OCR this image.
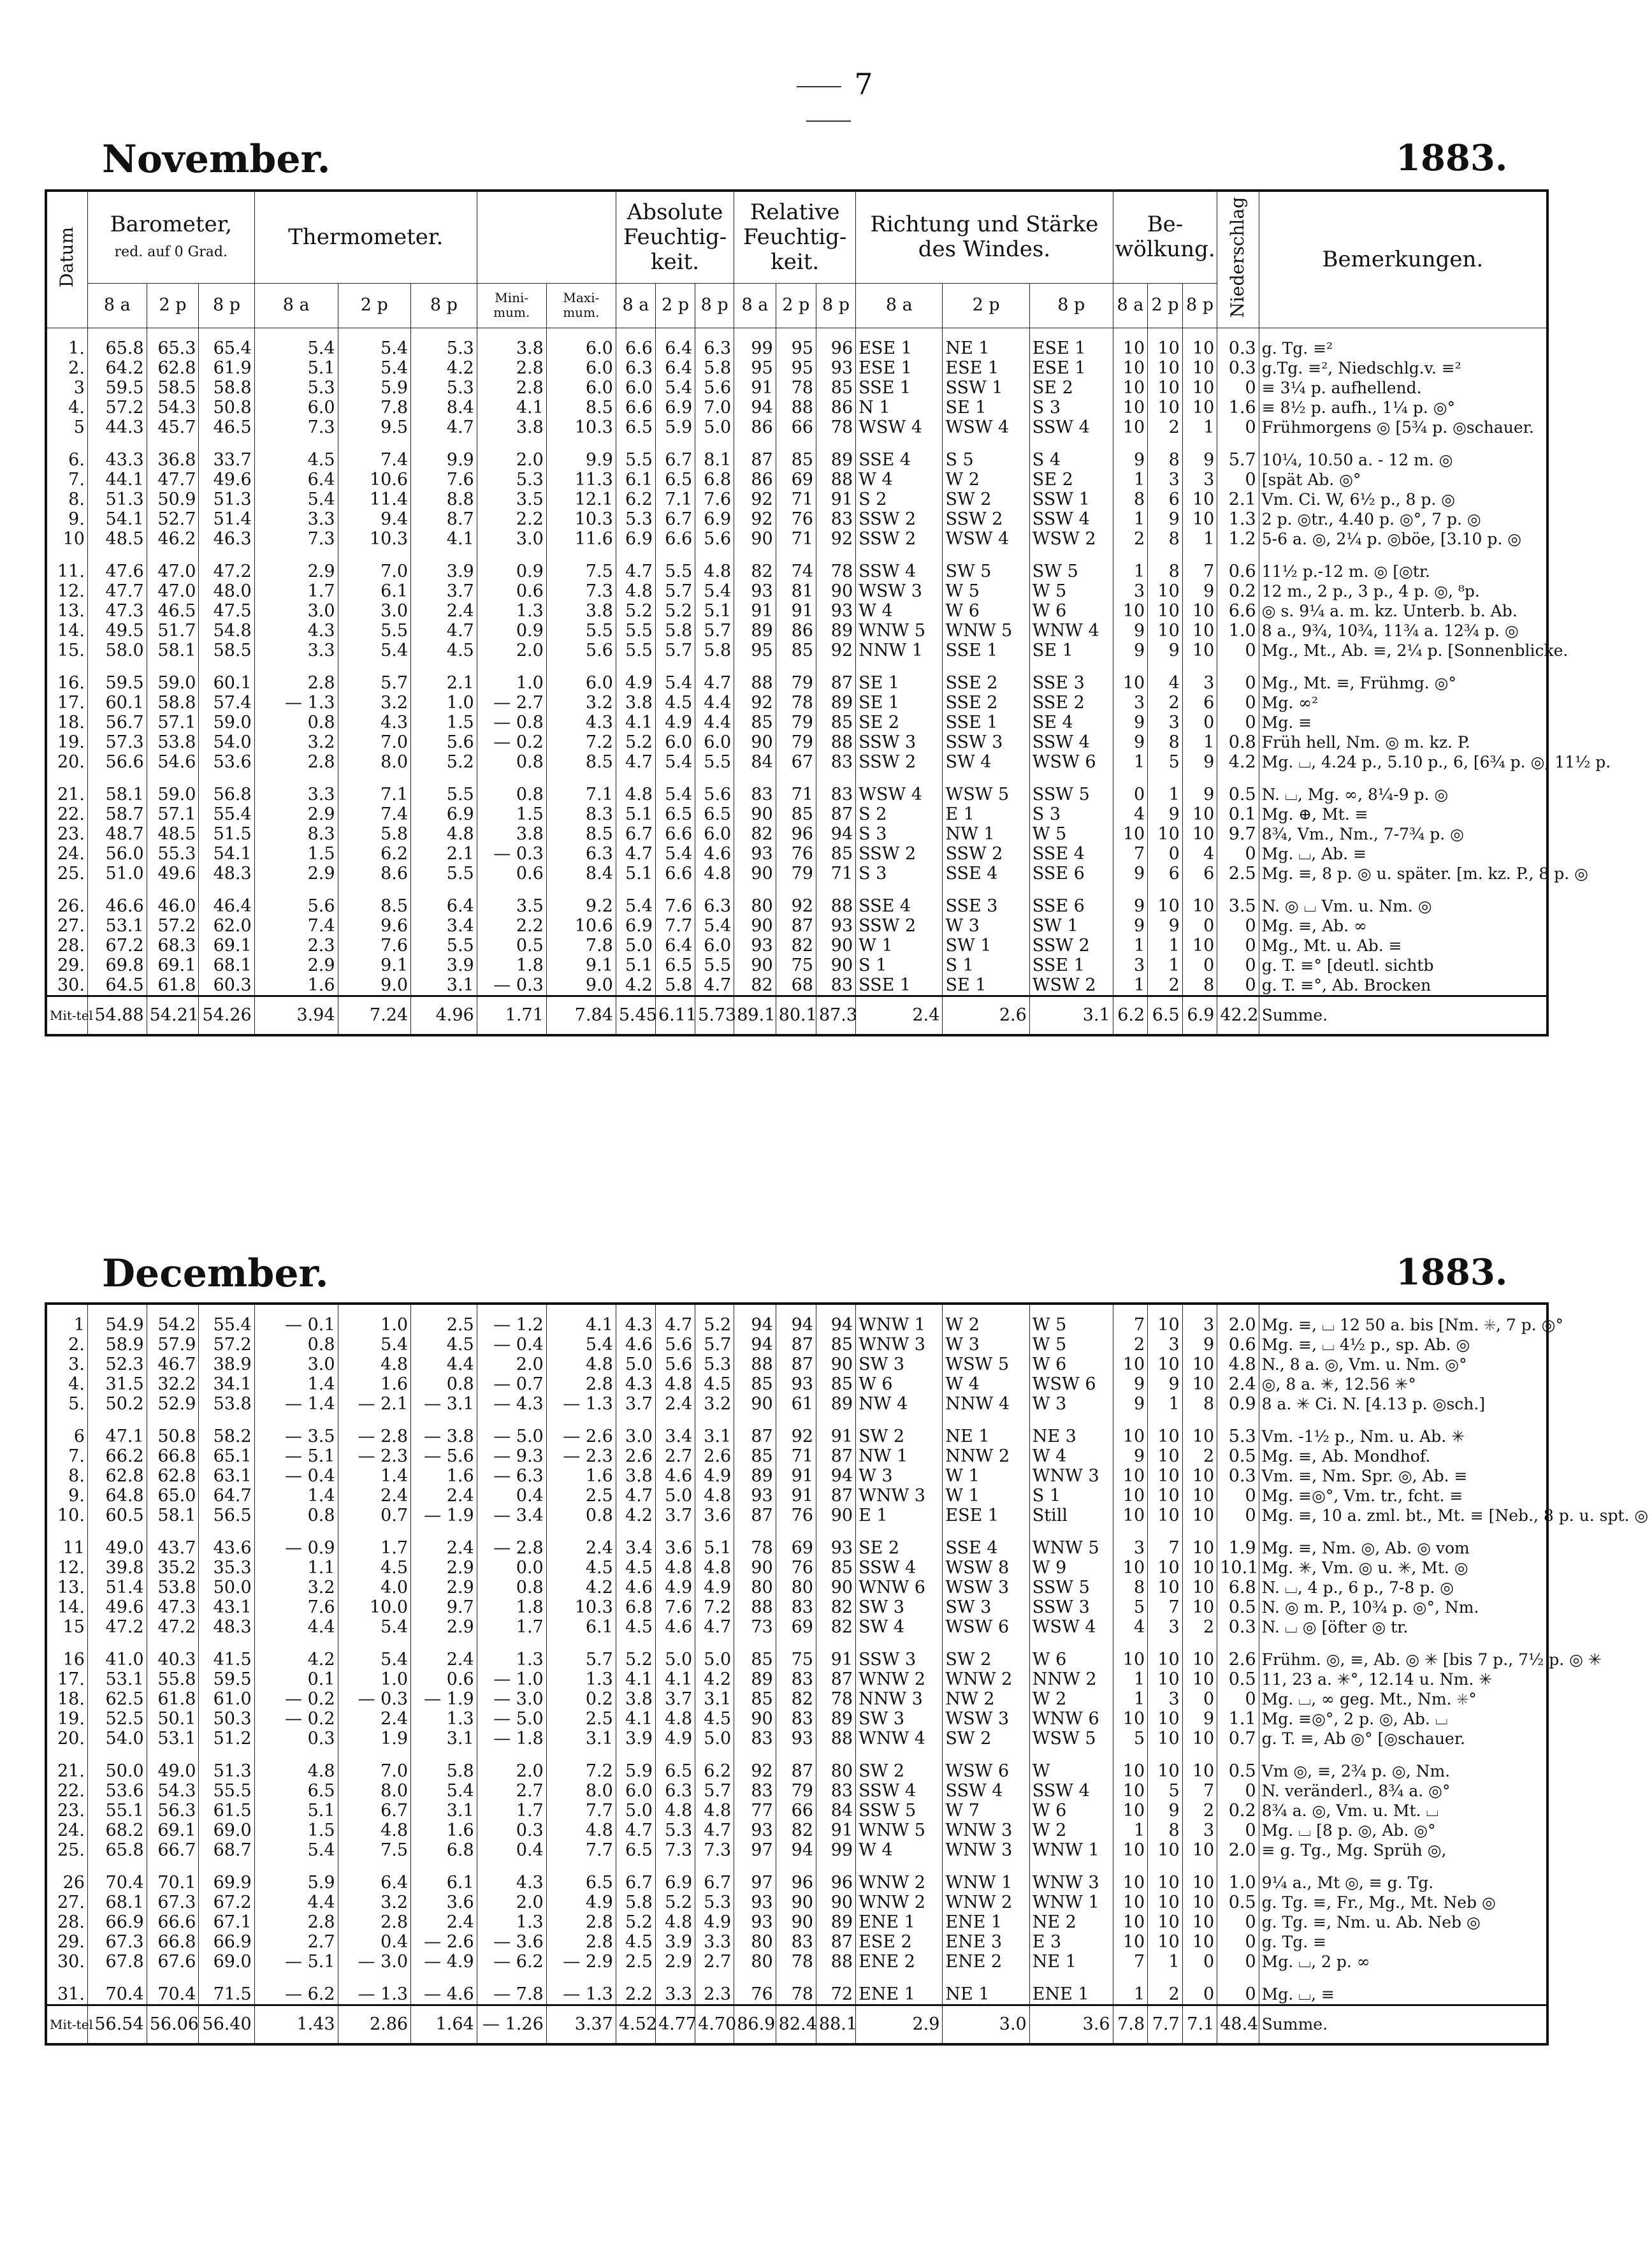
7
November.	1883.
Datum	Barometer,
red. auf 0 Grad.			Thermometer.					Absolute Feuchtig-keit.			Relative Feuchtig-keit.			Richtung und Stärke des Windes.			Be-wölkung.			Niederschlag	Bemerkungen.
	8 a	2 p	8 p	8 a	2 p	8 p	Mini-mum.	Maxi-mum.	8 a	2 p	8 p	8 a	2 p	8 p	8 a	2 p	8 p	8 a	2 p	8 p		
1.	65.8	65.3	65.4	5.4	5.4	5.3	3.8	6.0	6.6	6.4	6.3	99	95	96	ESE 1	NE 1	ESE 1	10	10	10	0.3	g. Tg. ≡²
2.	64.2	62.8	61.9	5.1	5.4	4.2	2.8	6.0	6.3	6.4	5.8	95	95	93	ESE 1	ESE 1	ESE 1	10	10	10	0.3	g.Tg. ≡², Niedschlg.v. ≡²
3	59.5	58.5	58.8	5.3	5.9	5.3	2.8	6.0	6.0	5.4	5.6	91	78	85	SSE 1	SSW 1	SE 2	10	10	10	0	≡ 3¼ p. aufhellend.
4.	57.2	54.3	50.8	6.0	7.8	8.4	4.1	8.5	6.6	6.9	7.0	94	88	86	N 1	SE 1	S 3	10	10	10	1.6	≡ 8½ p. aufh., 1¼ p. ◎°
5	44.3	45.7	46.5	7.3	9.5	4.7	3.8	10.3	6.5	5.9	5.0	86	66	78	WSW 4	WSW 4	SSW 4	10	2	1	0	Frühmorgens ◎ [5¾ p. ◎schauer.

6.	43.3	36.8	33.7	4.5	7.4	9.9	2.0	9.9	5.5	6.7	8.1	87	85	89	SSE 4	S 5	S 4	9	8	9	5.7	10¼, 10.50 a. - 12 m. ◎
7.	44.1	47.7	49.6	6.4	10.6	7.6	5.3	11.3	6.1	6.5	6.8	86	69	88	W 4	W 2	SE 2	1	3	3	0	[spät Ab. ◎°
8.	51.3	50.9	51.3	5.4	11.4	8.8	3.5	12.1	6.2	7.1	7.6	92	71	91	S 2	SW 2	SSW 1	8	6	10	2.1	Vm. Ci. W, 6½ p., 8 p. ◎
9.	54.1	52.7	51.4	3.3	9.4	8.7	2.2	10.3	5.3	6.7	6.9	92	76	83	SSW 2	SSW 2	SSW 4	1	9	10	1.3	2 p. ◎tr., 4.40 p. ◎°, 7 p. ◎
10	48.5	46.2	46.3	7.3	10.3	4.1	3.0	11.6	6.9	6.6	5.6	90	71	92	SSW 2	WSW 4	WSW 2	2	8	1	1.2	5-6 a. ◎, 2¼ p. ◎böe, [3.10 p. ◎

11.	47.6	47.0	47.2	2.9	7.0	3.9	0.9	7.5	4.7	5.5	4.8	82	74	78	SSW 4	SW 5	SW 5	1	8	7	0.6	11½ p.-12 m. ◎ [◎tr.
12.	47.7	47.0	48.0	1.7	6.1	3.7	0.6	7.3	4.8	5.7	5.4	93	81	90	WSW 3	W 5	W 5	3	10	9	0.2	12 m., 2 p., 3 p., 4 p. ◎, ⁸p.
13.	47.3	46.5	47.5	3.0	3.0	2.4	1.3	3.8	5.2	5.2	5.1	91	91	93	W 4	W 6	W 6	10	10	10	6.6	◎ s. 9¼ a. m. kz. Unterb. b. Ab.
14.	49.5	51.7	54.8	4.3	5.5	4.7	0.9	5.5	5.5	5.8	5.7	89	86	89	WNW 5	WNW 5	WNW 4	9	10	10	1.0	8 a., 9¾, 10¾, 11¾ a. 12¾ p. ◎
15.	58.0	58.1	58.5	3.3	5.4	4.5	2.0	5.6	5.5	5.7	5.8	95	85	92	NNW 1	SSE 1	SE 1	9	9	10	0	Mg., Mt., Ab. ≡, 2¼ p. [Sonnenblicke.

16.	59.5	59.0	60.1	2.8	5.7	2.1	1.0	6.0	4.9	5.4	4.7	88	79	87	SE 1	SSE 2	SSE 3	10	4	3	0	Mg., Mt. ≡, Frühmg. ◎°
17.	60.1	58.8	57.4	— 1.3	3.2	1.0	— 2.7	3.2	3.8	4.5	4.4	92	78	89	SE 1	SSE 2	SSE 2	3	2	6	0	Mg. ∞²
18.	56.7	57.1	59.0	0.8	4.3	1.5	— 0.8	4.3	4.1	4.9	4.4	85	79	85	SE 2	SSE 1	SE 4	9	3	0	0	Mg. ≡
19.	57.3	53.8	54.0	3.2	7.0	5.6	— 0.2	7.2	5.2	6.0	6.0	90	79	88	SSW 3	SSW 3	SSW 4	9	8	1	0.8	Früh hell, Nm. ◎ m. kz. P.
20.	56.6	54.6	53.6	2.8	8.0	5.2	0.8	8.5	4.7	5.4	5.5	84	67	83	SSW 2	SW 4	WSW 6	1	5	9	4.2	Mg. ⌴, 4.24 p., 5.10 p., 6, [6¾ p. ◎, 11½ p.

21.	58.1	59.0	56.8	3.3	7.1	5.5	0.8	7.1	4.8	5.4	5.6	83	71	83	WSW 4	WSW 5	SSW 5	0	1	9	0.5	N. ⌴, Mg. ∞, 8¼-9 p. ◎
22.	58.7	57.1	55.4	2.9	7.4	6.9	1.5	8.3	5.1	6.5	6.5	90	85	87	S 2	E 1	S 3	4	9	10	0.1	Mg. ⊕, Mt. ≡
23.	48.7	48.5	51.5	8.3	5.8	4.8	3.8	8.5	6.7	6.6	6.0	82	96	94	S 3	NW 1	W 5	10	10	10	9.7	8¾, Vm., Nm., 7-7¾ p. ◎
24.	56.0	55.3	54.1	1.5	6.2	2.1	— 0.3	6.3	4.7	5.4	4.6	93	76	85	SSW 2	SSW 2	SSE 4	7	0	4	0	Mg. ⌴, Ab. ≡
25.	51.0	49.6	48.3	2.9	8.6	5.5	0.6	8.4	5.1	6.6	4.8	90	79	71	S 3	SSE 4	SSE 6	9	6	6	2.5	Mg. ≡, 8 p. ◎ u. später. [m. kz. P., 8 p. ◎

26.	46.6	46.0	46.4	5.6	8.5	6.4	3.5	9.2	5.4	7.6	6.3	80	92	88	SSE 4	SSE 3	SSE 6	9	10	10	3.5	N. ◎ ⌴ Vm. u. Nm. ◎
27.	53.1	57.2	62.0	7.4	9.6	3.4	2.2	10.6	6.9	7.7	5.4	90	87	93	SSW 2	W 3	SW 1	9	9	0	0	Mg. ≡, Ab. ∞
28.	67.2	68.3	69.1	2.3	7.6	5.5	0.5	7.8	5.0	6.4	6.0	93	82	90	W 1	SW 1	SSW 2	1	1	10	0	Mg., Mt. u. Ab. ≡
29.	69.8	69.1	68.1	2.9	9.1	3.9	1.8	9.1	5.1	6.5	5.5	90	75	90	S 1	S 1	SSE 1	3	1	0	0	g. T. ≡° [deutl. sichtb
30.	64.5	61.8	60.3	1.6	9.0	3.1	— 0.3	9.0	4.2	5.8	4.7	82	68	83	SSE 1	SE 1	WSW 2	1	2	8	0	g. T. ≡°, Ab. Brocken
Mit-tel	54.88	54.21	54.26	3.94	7.24	4.96	1.71	7.84	5.45	6.11	5.73	89.1	80.1	87.3	2.4	2.6	3.1	6.2	6.5	6.9	42.2	Summe.
December.	1883.
1	54.9	54.2	55.4	— 0.1	1.0	2.5	— 1.2	4.1	4.3	4.7	5.2	94	94	94	WNW 1	W 2	W 5	7	10	3	2.0	Mg. ≡, ⌴ 12 50 a. bis [Nm. ✳, 7 p. ◎°
2.	58.9	57.9	57.2	0.8	5.4	4.5	— 0.4	5.4	4.6	5.6	5.7	94	87	85	WNW 3	W 3	W 5	2	3	9	0.6	Mg. ≡, ⌴ 4½ p., sp. Ab. ◎
3.	52.3	46.7	38.9	3.0	4.8	4.4	2.0	4.8	5.0	5.6	5.3	88	87	90	SW 3	WSW 5	W 6	10	10	10	4.8	N., 8 a. ◎, Vm. u. Nm. ◎°
4.	31.5	32.2	34.1	1.4	1.6	0.8	— 0.7	2.8	4.3	4.8	4.5	85	93	85	W 6	W 4	WSW 6	9	9	10	2.4	◎, 8 a. ✳, 12.56 ✳°
5.	50.2	52.9	53.8	— 1.4	— 2.1	— 3.1	— 4.3	— 1.3	3.7	2.4	3.2	90	61	89	NW 4	NNW 4	W 3	9	1	8	0.9	8 a. ✳ Ci. N. [4.13 p. ◎sch.]

6	47.1	50.8	58.2	— 3.5	— 2.8	— 3.8	— 5.0	— 2.6	3.0	3.4	3.1	87	92	91	SW 2	NE 1	NE 3	10	10	10	5.3	Vm. -1½ p., Nm. u. Ab. ✳
7.	66.2	66.8	65.1	— 5.1	— 2.3	— 5.6	— 9.3	— 2.3	2.6	2.7	2.6	85	71	87	NW 1	NNW 2	W 4	9	10	2	0.5	Mg. ≡, Ab. Mondhof.
8.	62.8	62.8	63.1	— 0.4	1.4	1.6	— 6.3	1.6	3.8	4.6	4.9	89	91	94	W 3	W 1	WNW 3	10	10	10	0.3	Vm. ≡, Nm. Spr. ◎, Ab. ≡
9.	64.8	65.0	64.7	1.4	2.4	2.4	0.4	2.5	4.7	5.0	4.8	93	91	87	WNW 3	W 1	S 1	10	10	10	0	Mg. ≡◎°, Vm. tr., fcht. ≡
10.	60.5	58.1	56.5	0.8	0.7	— 1.9	— 3.4	0.8	4.2	3.7	3.6	87	76	90	E 1	ESE 1	Still	10	10	10	0	Mg. ≡, 10 a. zml. bt., Mt. ≡ [Neb., 8 p. u. spt. ◎

11	49.0	43.7	43.6	— 0.9	1.7	2.4	— 2.8	2.4	3.4	3.6	5.1	78	69	93	SE 2	SSE 4	WNW 5	3	7	10	1.9	Mg. ≡, Nm. ◎, Ab. ◎ vom
12.	39.8	35.2	35.3	1.1	4.5	2.9	0.0	4.5	4.5	4.8	4.8	90	76	85	SSW 4	WSW 8	W 9	10	10	10	10.1	Mg. ✳, Vm. ◎ u. ✳, Mt. ◎
13.	51.4	53.8	50.0	3.2	4.0	2.9	0.8	4.2	4.6	4.9	4.9	80	80	90	WNW 6	WSW 3	SSW 5	8	10	10	6.8	N. ⌴, 4 p., 6 p., 7-8 p. ◎
14.	49.6	47.3	43.1	7.6	10.0	9.7	1.8	10.3	6.8	7.6	7.2	88	83	82	SW 3	SW 3	SSW 3	5	7	10	0.5	N. ◎ m. P., 10¾ p. ◎°, Nm.
15	47.2	47.2	48.3	4.4	5.4	2.9	1.7	6.1	4.5	4.6	4.7	73	69	82	SW 4	WSW 6	WSW 4	4	3	2	0.3	N. ⌴ ◎ [öfter ◎ tr.

16	41.0	40.3	41.5	4.2	5.4	2.4	1.3	5.7	5.2	5.0	5.0	85	75	91	SSW 3	SW 2	W 6	10	10	10	2.6	Frühm. ◎, ≡, Ab. ◎ ✳ [bis 7 p., 7½ p. ◎ ✳
17.	53.1	55.8	59.5	0.1	1.0	0.6	— 1.0	1.3	4.1	4.1	4.2	89	83	87	WNW 2	WNW 2	NNW 2	1	10	10	0.5	11, 23 a. ✳°, 12.14 u. Nm. ✳
18.	62.5	61.8	61.0	— 0.2	— 0.3	— 1.9	— 3.0	0.2	3.8	3.7	3.1	85	82	78	NNW 3	NW 2	W 2	1	3	0	0	Mg. ⌴, ∞ geg. Mt., Nm. ✳°
19.	52.5	50.1	50.3	— 0.2	2.4	1.3	— 5.0	2.5	4.1	4.8	4.5	90	83	89	SW 3	WSW 3	WNW 6	10	10	9	1.1	Mg. ≡◎°, 2 p. ◎, Ab. ⌴
20.	54.0	53.1	51.2	0.3	1.9	3.1	— 1.8	3.1	3.9	4.9	5.0	83	93	88	WNW 4	SW 2	WSW 5	5	10	10	0.7	g. T. ≡, Ab ◎° [◎schauer.

21.	50.0	49.0	51.3	4.8	7.0	5.8	2.0	7.2	5.9	6.5	6.2	92	87	80	SW 2	WSW 6	W	10	10	10	0.5	Vm ◎, ≡, 2¾ p. ◎, Nm.
22.	53.6	54.3	55.5	6.5	8.0	5.4	2.7	8.0	6.0	6.3	5.7	83	79	83	SSW 4	SSW 4	SSW 4	10	5	7	0	N. veränderl., 8¾ a. ◎°
23.	55.1	56.3	61.5	5.1	6.7	3.1	1.7	7.7	5.0	4.8	4.8	77	66	84	SSW 5	W 7	W 6	10	9	2	0.2	8¾ a. ◎, Vm. u. Mt. ⌴
24.	68.2	69.1	69.0	1.5	4.8	1.6	0.3	4.8	4.7	5.3	4.7	93	82	91	WNW 5	WNW 3	W 2	1	8	3	0	Mg. ⌴ [8 p. ◎, Ab. ◎°
25.	65.8	66.7	68.7	5.4	7.5	6.8	0.4	7.7	6.5	7.3	7.3	97	94	99	W 4	WNW 3	WNW 1	10	10	10	2.0	≡ g. Tg., Mg. Sprüh ◎,

26	70.4	70.1	69.9	5.9	6.4	6.1	4.3	6.5	6.7	6.9	6.7	97	96	96	WNW 2	WNW 1	WNW 3	10	10	10	1.0	9¼ a., Mt ◎, ≡ g. Tg.
27.	68.1	67.3	67.2	4.4	3.2	3.6	2.0	4.9	5.8	5.2	5.3	93	90	90	WNW 2	WNW 2	WNW 1	10	10	10	0.5	g. Tg. ≡, Fr., Mg., Mt. Neb ◎
28.	66.9	66.6	67.1	2.8	2.8	2.4	1.3	2.8	5.2	4.8	4.9	93	90	89	ENE 1	ENE 1	NE 2	10	10	10	0	g. Tg. ≡, Nm. u. Ab. Neb ◎
29.	67.3	66.8	66.9	2.7	0.4	— 2.6	— 3.6	2.8	4.5	3.9	3.3	80	83	87	ESE 2	ENE 3	E 3	10	10	10	0	g. Tg. ≡
30.	67.8	67.6	69.0	— 5.1	— 3.0	— 4.9	— 6.2	— 2.9	2.5	2.9	2.7	80	78	88	ENE 2	ENE 2	NE 1	7	1	0	0	Mg. ⌴, 2 p. ∞

31.	70.4	70.4	71.5	— 6.2	— 1.3	— 4.6	— 7.8	— 1.3	2.2	3.3	2.3	76	78	72	ENE 1	NE 1	ENE 1	1	2	0	0	Mg. ⌴, ≡
Mit-tel	56.54	56.06	56.40	1.43	2.86	1.64	— 1.26	3.37	4.52	4.77	4.70	86.9	82.4	88.1	2.9	3.0	3.6	7.8	7.7	7.1	48.4	Summe.
